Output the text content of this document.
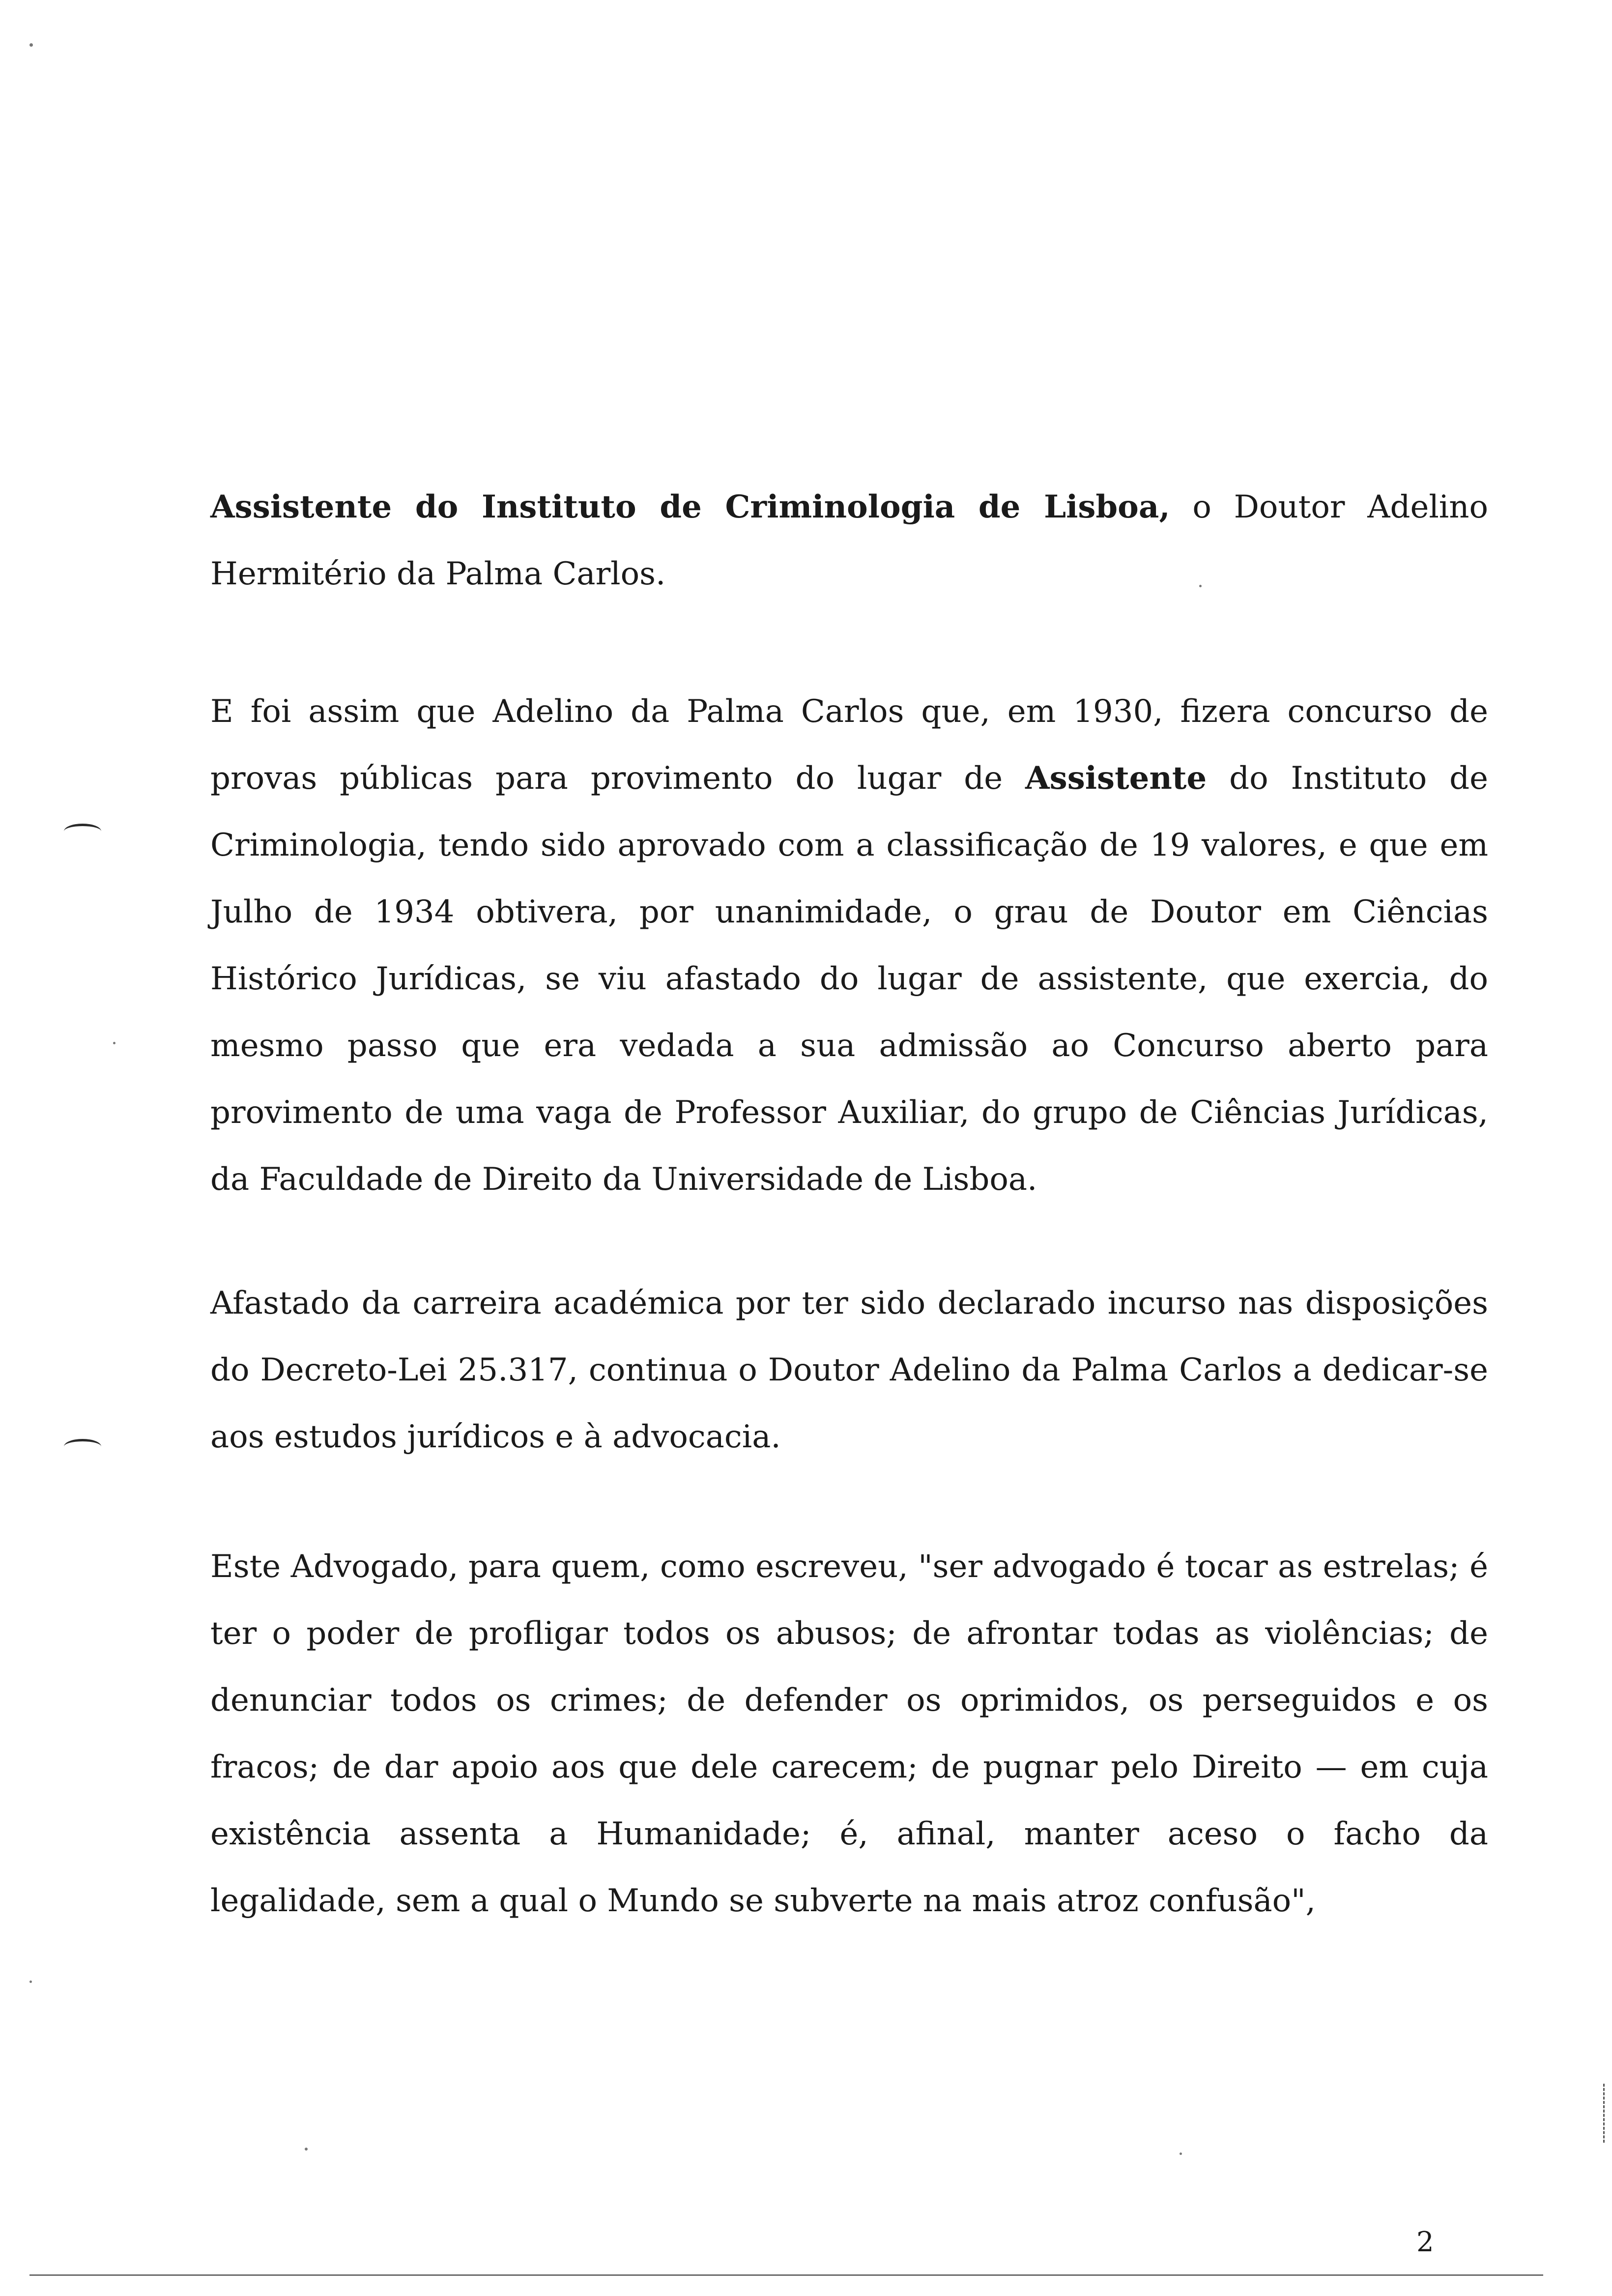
Assistente do Instituto de Criminologia de Lisboa, o Doutor Adelino Hermitério da Palma Carlos.

E foi assim que Adelino da Palma Carlos que, em 1930, fizera concurso de provas públicas para provimento do lugar de Assistente do Instituto de Criminologia, tendo sido aprovado com a classificação de 19 valores, e que em Julho de 1934 obtivera, por unanimidade, o grau de Doutor em Ciências Histórico Jurídicas, se viu afastado do lugar de assistente, que exercia, do mesmo passo que era vedada a sua admissão ao Concurso aberto para provimento de uma vaga de Professor Auxiliar, do grupo de Ciências Jurídicas, da Faculdade de Direito da Universidade de Lisboa.

Afastado da carreira académica por ter sido declarado incurso nas disposições do Decreto-Lei 25.317, continua o Doutor Adelino da Palma Carlos a dedicar-se aos estudos jurídicos e à advocacia.

Este Advogado, para quem, como escreveu, "ser advogado é tocar as estrelas; é ter o poder de profligar todos os abusos; de afrontar todas as violências; de denunciar todos os crimes; de defender os oprimidos, os perseguidos e os fracos; de dar apoio aos que dele carecem; de pugnar pelo Direito — em cuja existência assenta a Humanidade; é, afinal, manter aceso o facho da legalidade, sem a qual o Mundo se subverte na mais atroz confusão",

2
